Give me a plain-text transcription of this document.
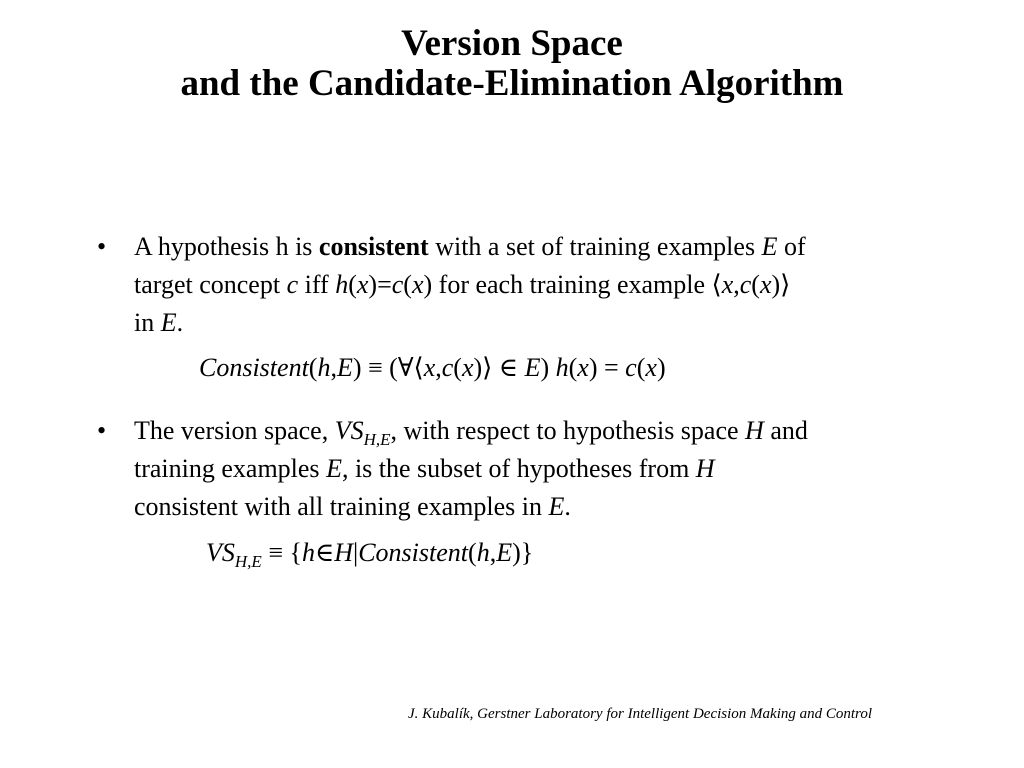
Version Space
and the Candidate-Elimination Algorithm
•	A hypothesis h is consistent with a set of training examples E of
target concept c iff h(x)=c(x) for each training example ⟨x,c(x)⟩
in E.
Consistent(h,E) ≡ (∀⟨x,c(x)⟩ ∈ E) h(x) = c(x)
•	The version space, $VS_{H,E}$, with respect to hypothesis space H and
training examples E, is the subset of hypotheses from H
consistent with all training examples in E.
$VS_{H,E}$ ≡ {h∈H|Consistent(h,E)}
J. Kubalík, Gerstner Laboratory for Intelligent Decision Making and Control
